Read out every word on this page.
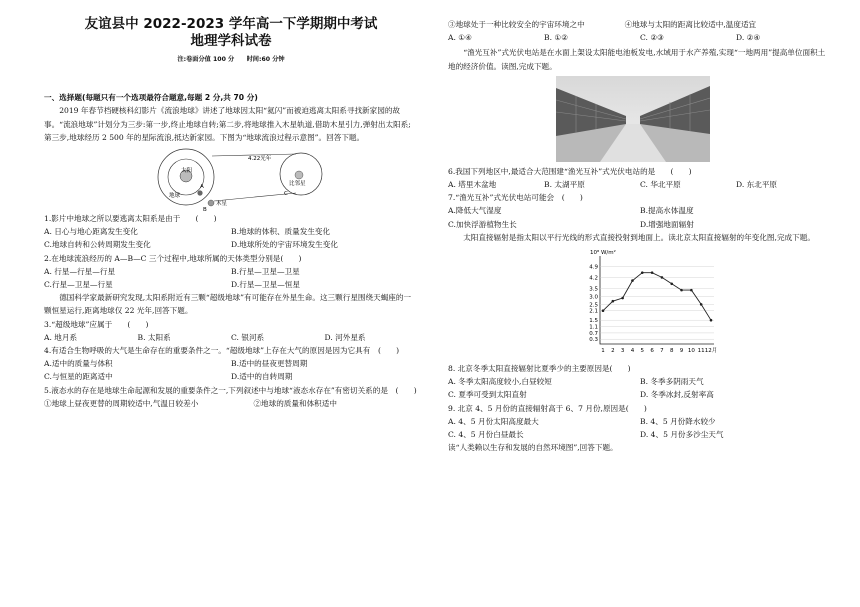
友谊县中 2022-2023 学年高一下学期期中考试
地理学科试卷
注:卷面分值 100 分　　时间:60 分钟

一、选择题(每题只有一个选项最符合题意,每题 2 分,共 70 分)

2019 年春节档硬核科幻影片《流浪地球》讲述了地球因太阳“氦闪”而被迫逃离太阳系寻找新家园的故事。“流浪地球”计划分为三步:第一步,终止地球自转;第二步,将地球推入木星轨道,借助木星引力,弹射出太阳系;第三步,地球经历 2 500 年的星际流浪,抵达新家园。下图为“地球流浪过程示意图”。回答下题。

太阳
地球
木星
A
B
4.22光年
比邻星
C

1.影片中地球之所以要逃离太阳系是由于　　(　　)

A. 日心与地心距离发生变化	B.地球的体积、质量发生变化
C.地球自转和公转周期发生变化	D.地球所处的宇宙环境发生变化

2.在地球流浪经历的 A—B—C 三个过程中,地球所属的天体类型分别是(　　)

A. 行星—行星—行星	B.行星—卫星—卫星
C.行星—卫星—行星	D.行星—卫星—恒星

德国科学家最新研究发现,太阳系附近有三颗“超级地球”有可能存在外星生命。这三颗行星围绕天蝎座的一颗恒星运行,距离地球仅 22 光年,回答下题。

3.“超级地球”应属于　　(　　)

A. 地月系	B. 太阳系	C. 银河系	D. 河外星系

4.有适合生物呼吸的大气是生命存在的重要条件之一。“超级地球”上存在大气的原因是因为它具有　(　　)

A.适中的质量与体积	B.适中的昼夜更替周期
C.与恒星的距离适中	D.适中的自转周期

5.液态水的存在是地球生命起源和发展的重要条件之一,下列叙述中与地球“液态水存在”有密切关系的是　(　　)

①地球上昼夜更替的周期较适中,气温日较差小	②地球的质量和体积适中
③地球处于一种比较安全的宇宙环境之中	④地球与太阳的距离比较适中,温度适宜
A. ①④	B. ①②	C. ②③	D. ②④

“渔光互补”式光伏电站是在水面上架设太阳能电池板发电,水域用于水产养殖,实现“一地两用”提高单位面积土地的经济价值。读图,完成下题。

6.我国下列地区中,最适合大范围建“渔光互补”式光伏电站的是　　(　　)

A. 塔里木盆地	B. 太湖平原	C. 华北平原	D. 东北平原

7.“渔光互补”式光伏电站可能会　(　　)

A.降低大气湿度	B.提高水体温度
C.加快浮游植物生长	D.增强地面辐射

太阳直接辐射是指太阳以平行光线的形式直接投射到地面上。读北京太阳直接辐射的年变化图,完成下题。

10⁸ W/m²
0.3
0.7
1.1
1.5
2.1
2.5
3.0
3.5
4.2
4.9
1 2 3 4 5 6 7 8 9 10 11 12月

8. 北京冬季太阳直接辐射比夏季少的主要原因是(　　)

A. 冬季太阳高度较小,白昼较短	B. 冬季多阴雨天气
C. 夏季可受到太阳直射	D. 冬季冰封,反射率高

9. 北京 4、5 月份的直接辐射高于 6、7 月份,原因是(　　)

A. 4、5 月份太阳高度最大	B. 4、5 月份降水较少
C. 4、5 月份白昼最长	D. 4、5 月份多沙尘天气

读“人类赖以生存和发展的自然环境图”,回答下题。
